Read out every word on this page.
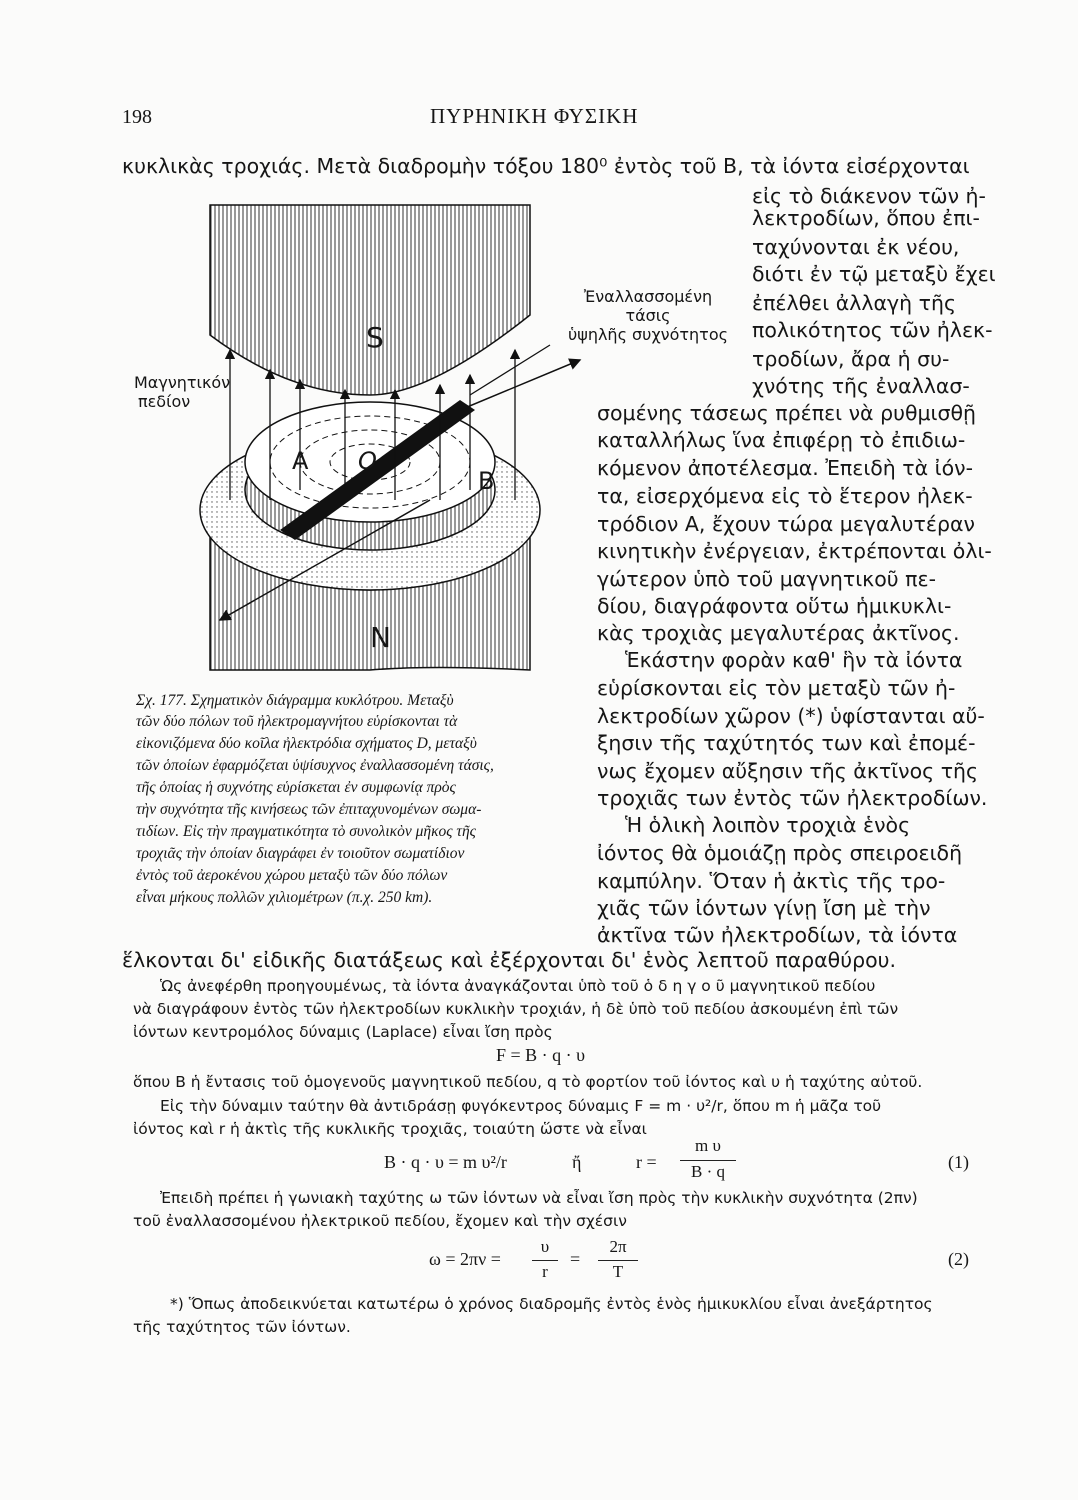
198	ΠΥΡΗΝΙΚΗ ΦΥΣΙΚΗ
κυκλικὰς τροχιάς. Μετὰ διαδρομὴν τόξου 180⁰ ἐντὸς τοῦ B, τὰ ἰόντα εἰσέρχονται
εἰς τὸ διάκενον τῶν ἠ-
λεκτροδίων, ὅπου ἐπι-
ταχύνονται ἐκ νέου,
διότι ἐν τῷ μεταξὺ ἔχει
ἐπέλθει ἀλλαγὴ τῆς
πολικότητος τῶν ἠλεκ-
τροδίων, ἄρα ἡ συ-
χνότης τῆς ἐναλλασ-
σομένης τάσεως πρέπει νὰ ρυθμισθῇ
καταλλήλως ἵνα ἐπιφέρῃ τὸ ἐπιδιω-
κόμενον ἀποτέλεσμα. Ἐπειδὴ τὰ ἰόν-
τα, εἰσερχόμενα εἰς τὸ ἕτερον ἠλεκ-
τρόδιον A, ἔχουν τώρα μεγαλυτέραν
κινητικὴν ἐνέργειαν, ἐκτρέπονται ὀλι-
γώτερον ὑπὸ τοῦ μαγνητικοῦ πε-
δίου, διαγράφοντα οὕτω ἡμικυκλι-
κὰς τροχιὰς μεγαλυτέρας ἀκτῖνος.
Ἑκάστην φορὰν καθ' ἣν τὰ ἰόντα
εὑρίσκονται εἰς τὸν μεταξὺ τῶν ἠ-
λεκτροδίων χῶρον (*) ὑφίστανται αὔ-
ξησιν τῆς ταχύτητός των καὶ ἐπομέ-
νως ἔχομεν αὔξησιν τῆς ἀκτῖνος τῆς
τροχιᾶς των ἐντὸς τῶν ἠλεκτροδίων.
Ἡ ὁλικὴ λοιπὸν τροχιὰ ἑνὸς
ἰόντος θὰ ὁμοιάζῃ πρὸς σπειροειδῆ
καμπύλην. Ὅταν ἡ ἀκτὶς τῆς τρο-
χιᾶς τῶν ἰόντων γίνῃ ἴση μὲ τὴν
ἀκτῖνα τῶν ἠλεκτροδίων, τὰ ἰόντα
ἕλκονται δι' εἰδικῆς διατάξεως καὶ ἐξέρχονται δι' ἑνὸς λεπτοῦ παραθύρου.
S
N
A O
B
Μαγνητικόν
πεδίον
Ἐναλλασσομένη
τάσις
ὑψηλῆς συχνότητος
Σχ. 177. Σχηματικὸν διάγραμμα κυκλότρου. Μεταξὺ
τῶν δύο πόλων τοῦ ἠλεκτρομαγνήτου εὑρίσκονται τὰ
εἰκονιζόμενα δύο κοῖλα ἠλεκτρόδια σχήματος D, μεταξὺ
τῶν ὁποίων ἐφαρμόζεται ὑψίσυχνος ἐναλλασσομένη τάσις,
τῆς ὁποίας ἡ συχνότης εὑρίσκεται ἐν συμφωνίᾳ πρὸς
τὴν συχνότητα τῆς κινήσεως τῶν ἐπιταχυνομένων σωμα-
τιδίων. Εἰς τὴν πραγματικότητα τὸ συνολικὸν μῆκος τῆς
τροχιᾶς τὴν ὁποίαν διαγράφει ἐν τοιοῦτον σωματίδιον
ἐντὸς τοῦ ἀεροκένου χώρου μεταξὺ τῶν δύο πόλων
εἶναι μήκους πολλῶν χιλιομέτρων (π.χ. 250 km).
Ὡς ἀνεφέρθη προηγουμένως, τὰ ἰόντα ἀναγκάζονται ὑπὸ τοῦ ὁ δ η γ ο ῦ μαγνητικοῦ πεδίου
νὰ διαγράφουν ἐντὸς τῶν ἠλεκτροδίων κυκλικὴν τροχιάν, ἡ δὲ ὑπὸ τοῦ πεδίου ἀσκουμένη ἐπὶ τῶν
ἰόντων κεντρομόλος δύναμις (Laplace) εἶναι ἴση πρὸς
F = B · q · υ
ὅπου B ἡ ἔντασις τοῦ ὁμογενοῦς μαγνητικοῦ πεδίου, q τὸ φορτίον τοῦ ἰόντος καὶ υ ἡ ταχύτης αὐτοῦ.
Εἰς τὴν δύναμιν ταύτην θὰ ἀντιδράσῃ φυγόκεντρος δύναμις F = m · υ²/r, ὅπου m ἡ μᾶζα τοῦ
ἰόντος καὶ r ἡ ἀκτὶς τῆς κυκλικῆς τροχιᾶς, τοιαύτη ὥστε νὰ εἶναι
B · q · υ = m υ²/r	ἤ	r =
m υ
B · q	(1)
Ἐπειδὴ πρέπει ἡ γωνιακὴ ταχύτης ω τῶν ἰόντων νὰ εἶναι ἴση πρὸς τὴν κυκλικὴν συχνότητα (2πν)
τοῦ ἐναλλασσομένου ἠλεκτρικοῦ πεδίου, ἔχομεν καὶ τὴν σχέσιν
ω = 2πν =
υ
r
=
2π
T
(2)
*) Ὅπως ἀποδεικνύεται κατωτέρω ὁ χρόνος διαδρομῆς ἐντὸς ἑνὸς ἡμικυκλίου εἶναι ἀνεξάρτητος
τῆς ταχύτητος τῶν ἰόντων.
